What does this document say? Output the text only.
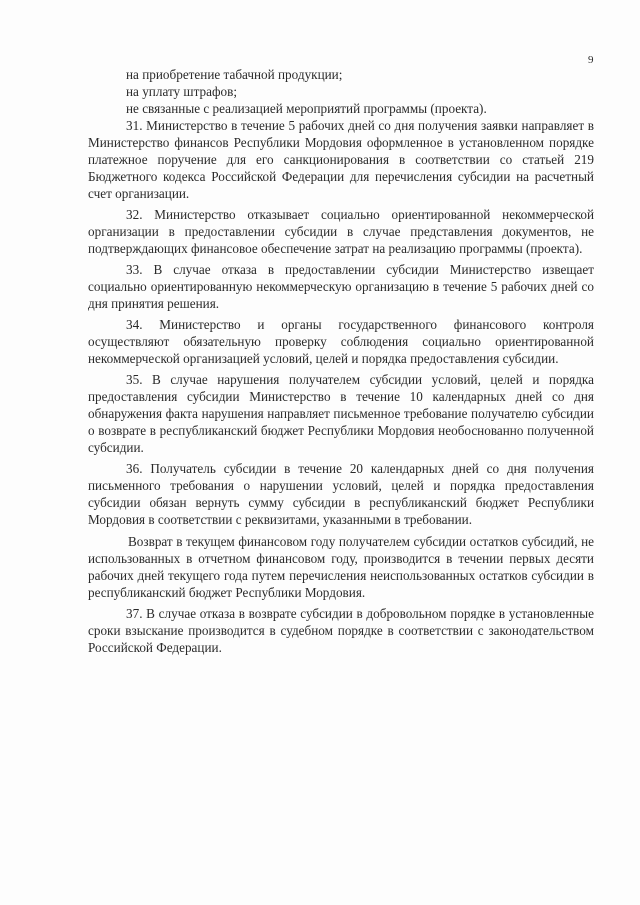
9

на приобретение табачной продукции;

на уплату штрафов;

не связанные с реализацией мероприятий программы (проекта).

31. Министерство в течение 5 рабочих дней со дня получения заявки направляет в Министерство финансов Республики Мордовия оформленное в установленном порядке платежное поручение для его санкционирования в соответствии со статьей 219 Бюджетного кодекса Российской Федерации для перечисления субсидии на расчетный счет организации.

32. Министерство отказывает социально ориентированной некоммерческой организации в предоставлении субсидии в случае представления документов, не подтверждающих финансовое обеспечение затрат на реализацию программы (проекта).

33. В случае отказа в предоставлении субсидии Министерство извещает социально ориентированную некоммерческую организацию в течение 5 рабочих дней со дня принятия решения.

34. Министерство и органы государственного финансового контроля осуществляют обязательную проверку соблюдения социально ориентированной некоммерческой организацией условий, целей и порядка предоставления субсидии.

35. В случае нарушения получателем субсидии условий, целей и порядка предоставления субсидии Министерство в течение 10 календарных дней со дня обнаружения факта нарушения направляет письменное требование получателю субсидии о возврате в республиканский бюджет Республики Мордовия необоснованно полученной субсидии.

36. Получатель субсидии в течение 20 календарных дней со дня получения письменного требования о нарушении условий, целей и порядка предоставления субсидии обязан вернуть сумму субсидии в республиканский бюджет Республики Мордовия в соответствии с реквизитами, указанными в требовании.

Возврат в текущем финансовом году получателем субсидии остатков субсидий, не использованных в отчетном финансовом году, производится в течении первых десяти рабочих дней текущего года путем перечисления неиспользованных остатков субсидии в республиканский бюджет Республики Мордовия.

37. В случае отказа в возврате субсидии в добровольном порядке в установленные сроки взыскание производится в судебном порядке в соответствии с законодательством Российской Федерации.
